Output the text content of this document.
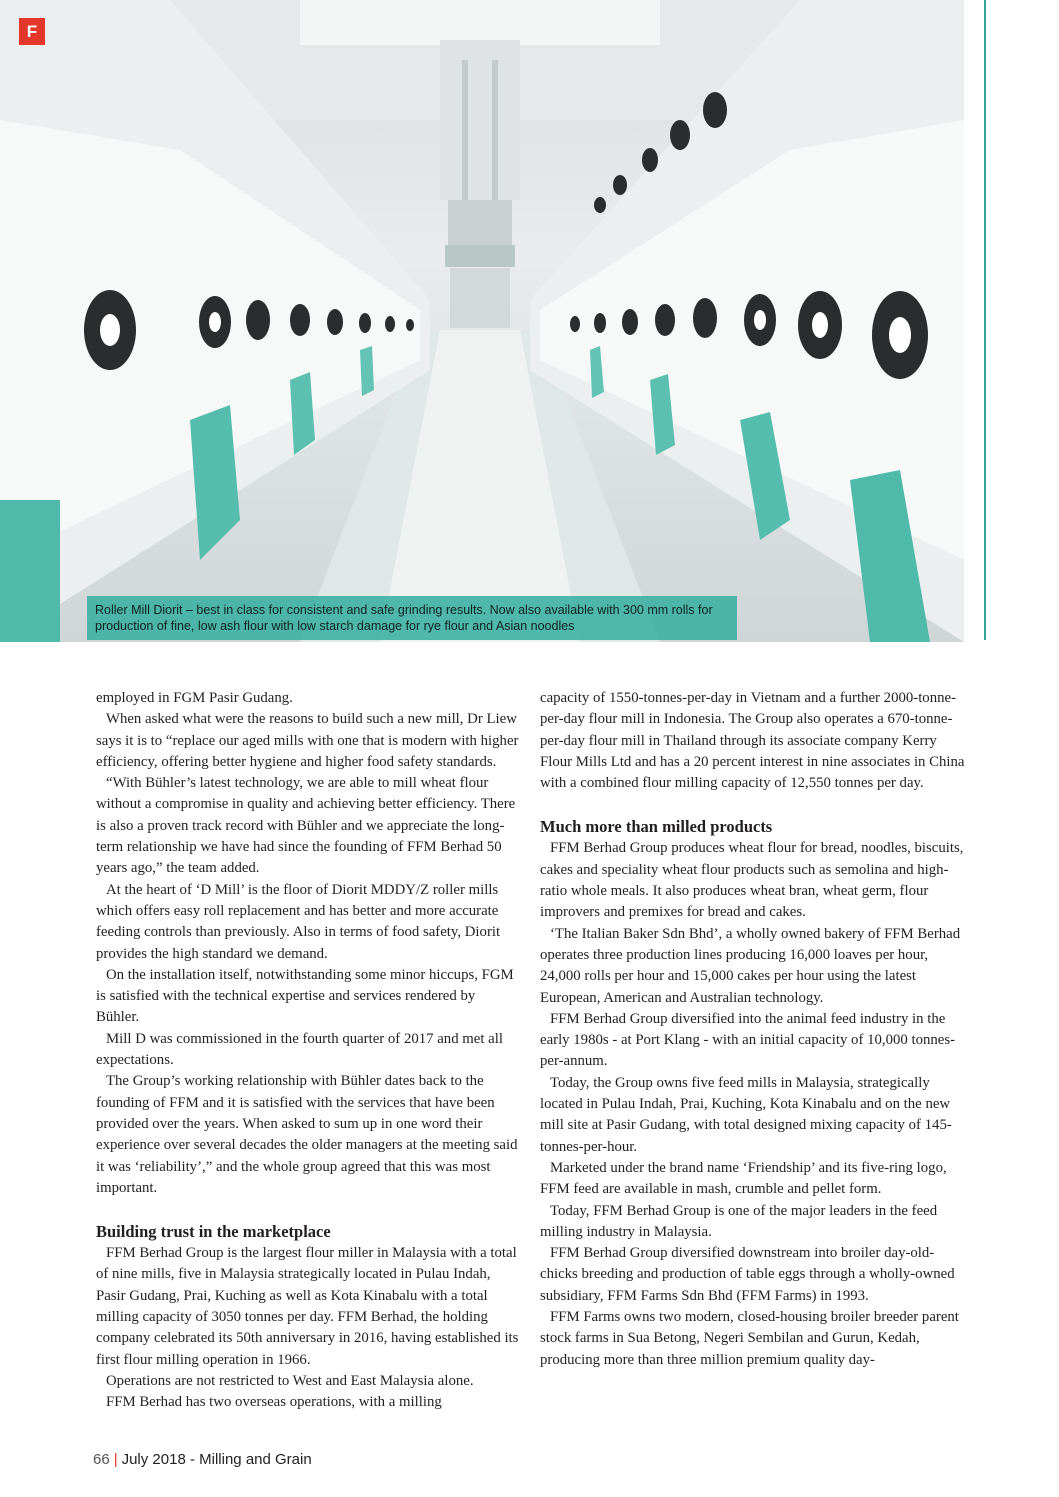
F
Roller Mill Diorit – best in class for consistent and safe grinding results. Now also available with 300 mm rolls for production of fine, low ash flour with low starch damage for rye flour and Asian noodles

employed in FGM Pasir Gudang.

When asked what were the reasons to build such a new mill, Dr Liew says it is to “replace our aged mills with one that is modern with higher efficiency, offering better hygiene and higher food safety standards.

“With Bühler’s latest technology, we are able to mill wheat flour without a compromise in quality and achieving better efficiency. There is also a proven track record with Bühler and we appreciate the long-term relationship we have had since the founding of FFM Berhad 50 years ago,” the team added.

At the heart of ‘D Mill’ is the floor of Diorit MDDY/Z roller mills which offers easy roll replacement and has better and more accurate feeding controls than previously. Also in terms of food safety, Diorit provides the high standard we demand.

On the installation itself, notwithstanding some minor hiccups, FGM is satisfied with the technical expertise and services rendered by Bühler.

Mill D was commissioned in the fourth quarter of 2017 and met all expectations.

The Group’s working relationship with Bühler dates back to the founding of FFM and it is satisfied with the services that have been provided over the years. When asked to sum up in one word their experience over several decades the older managers at the meeting said it was ‘reliability’,” and the whole group agreed that this was most important.

Building trust in the marketplace

FFM Berhad Group is the largest flour miller in Malaysia with a total of nine mills, five in Malaysia strategically located in Pulau Indah, Pasir Gudang, Prai, Kuching as well as Kota Kinabalu with a total milling capacity of 3050 tonnes per day. FFM Berhad, the holding company celebrated its 50th anniversary in 2016, having established its first flour milling operation in 1966.

Operations are not restricted to West and East Malaysia alone.

FFM Berhad has two overseas operations, with a milling

capacity of 1550-tonnes-per-day in Vietnam and a further 2000-tonne-per-day flour mill in Indonesia. The Group also operates a 670-tonne-per-day flour mill in Thailand through its associate company Kerry Flour Mills Ltd and has a 20 percent interest in nine associates in China with a combined flour milling capacity of 12,550 tonnes per day.

Much more than milled products

FFM Berhad Group produces wheat flour for bread, noodles, biscuits, cakes and speciality wheat flour products such as semolina and high-ratio whole meals. It also produces wheat bran, wheat germ, flour improvers and premixes for bread and cakes.

‘The Italian Baker Sdn Bhd’, a wholly owned bakery of FFM Berhad operates three production lines producing 16,000 loaves per hour, 24,000 rolls per hour and 15,000 cakes per hour using the latest European, American and Australian technology.

FFM Berhad Group diversified into the animal feed industry in the early 1980s - at Port Klang - with an initial capacity of 10,000 tonnes-per-annum.

Today, the Group owns five feed mills in Malaysia, strategically located in Pulau Indah, Prai, Kuching, Kota Kinabalu and on the new mill site at Pasir Gudang, with total designed mixing capacity of 145-tonnes-per-hour.

Marketed under the brand name ‘Friendship’ and its five-ring logo, FFM feed are available in mash, crumble and pellet form.

Today, FFM Berhad Group is one of the major leaders in the feed milling industry in Malaysia.

FFM Berhad Group diversified downstream into broiler day-old-chicks breeding and production of table eggs through a wholly-owned subsidiary, FFM Farms Sdn Bhd (FFM Farms) in 1993.

FFM Farms owns two modern, closed-housing broiler breeder parent stock farms in Sua Betong, Negeri Sembilan and Gurun, Kedah, producing more than three million premium quality day-

66 | July 2018 - Milling and Grain
